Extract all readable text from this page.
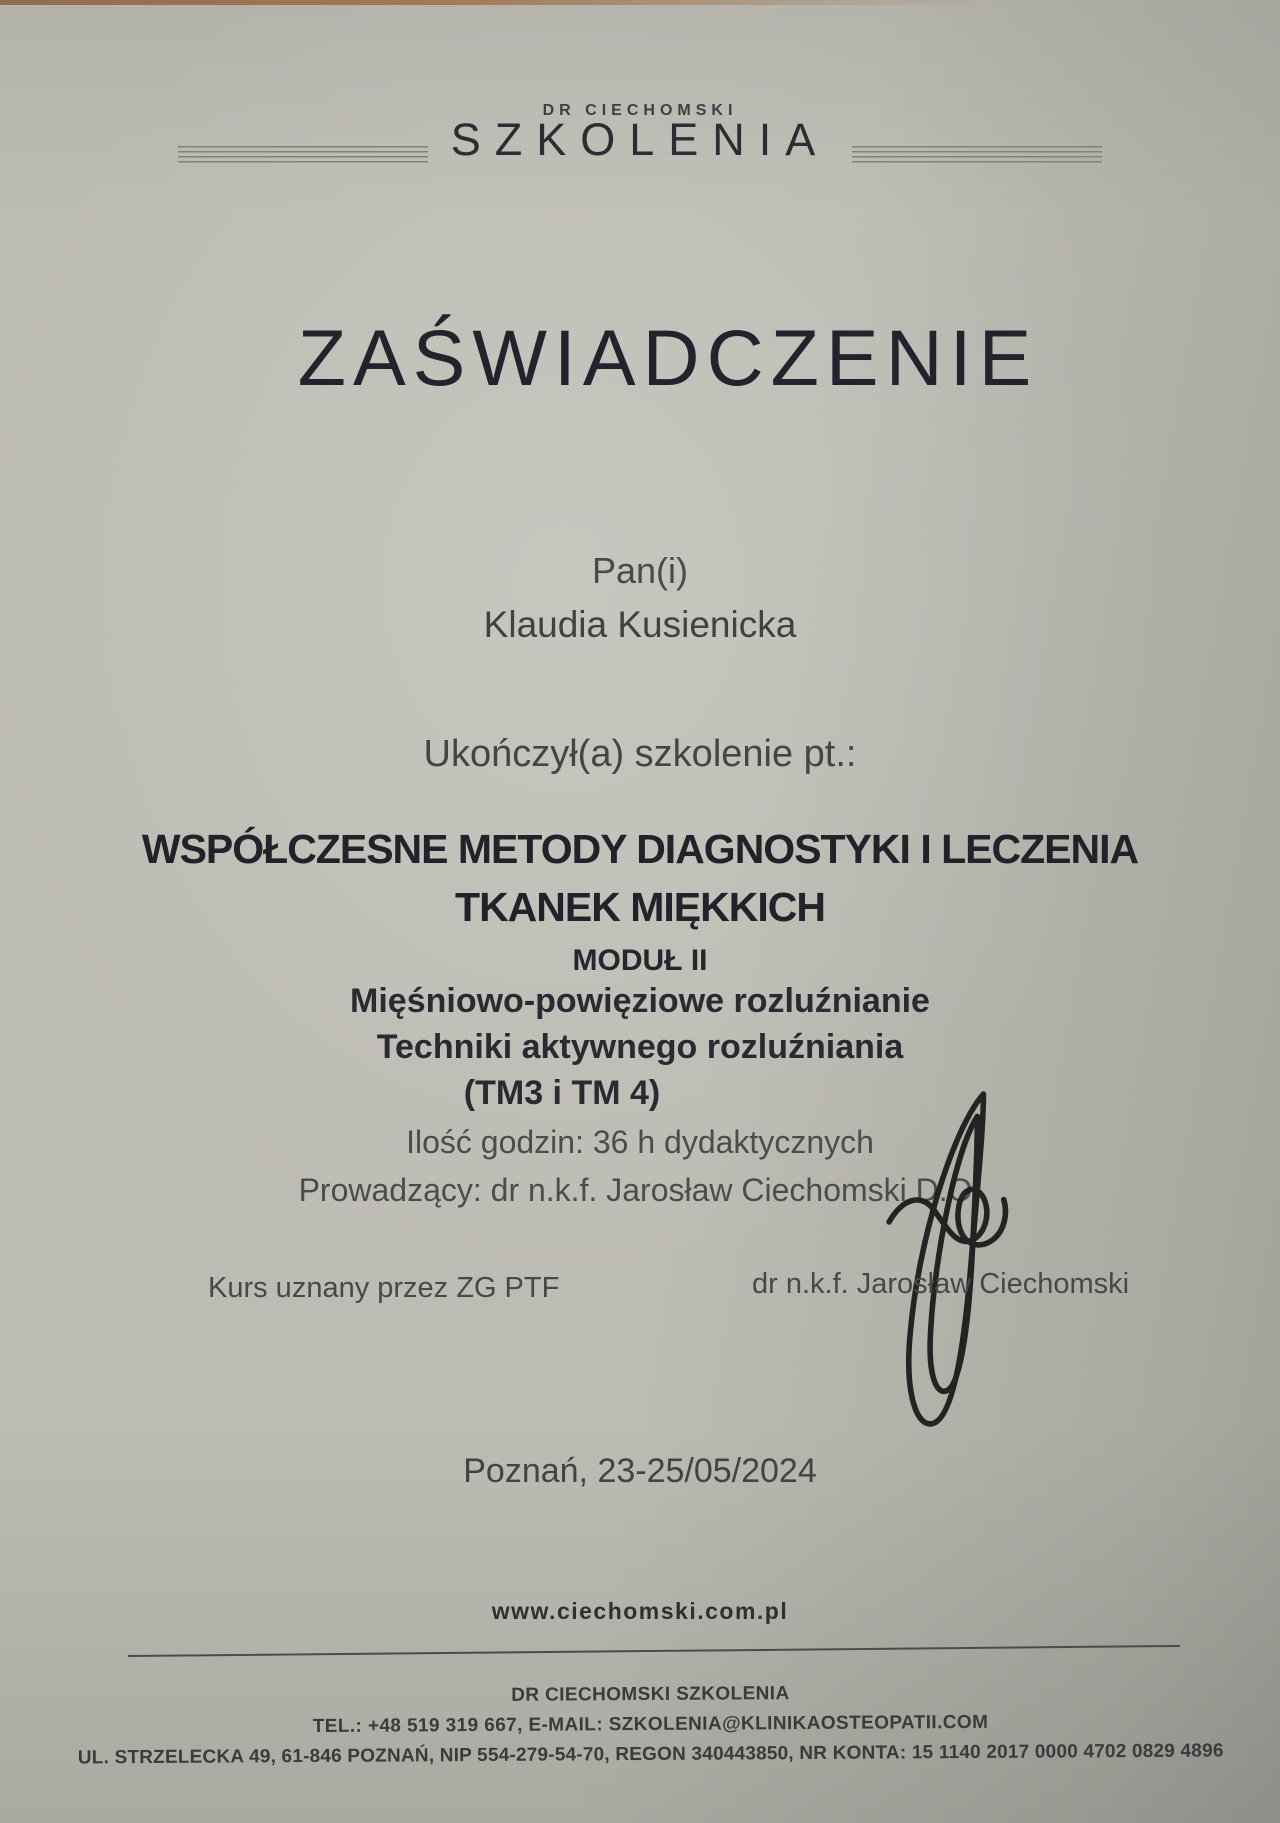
DR CIECHOMSKI
SZKOLENIA
ZAŚWIADCZENIE
Pan(i)
Klaudia Kusienicka
Ukończył(a) szkolenie pt.:
WSPÓŁCZESNE METODY DIAGNOSTYKI I LECZENIA
TKANEK MIĘKKICH
MODUŁ II
Mięśniowo-powięziowe rozluźnianie
Techniki aktywnego rozluźniania
(TM3 i TM 4)
Ilość godzin: 36 h dydaktycznych
Prowadzący: dr n.k.f. Jarosław Ciechomski D.O.
Kurs uznany przez ZG PTF	dr n.k.f. Jarosław Ciechomski
Poznań, 23-25/05/2024
www.ciechomski.com.pl
DR CIECHOMSKI SZKOLENIA
TEL.: +48 519 319 667, E-MAIL: SZKOLENIA@KLINIKAOSTEOPATII.COM
UL. STRZELECKA 49, 61-846 POZNAŃ, NIP 554-279-54-70, REGON 340443850, NR KONTA: 15 1140 2017 0000 4702 0829 4896
